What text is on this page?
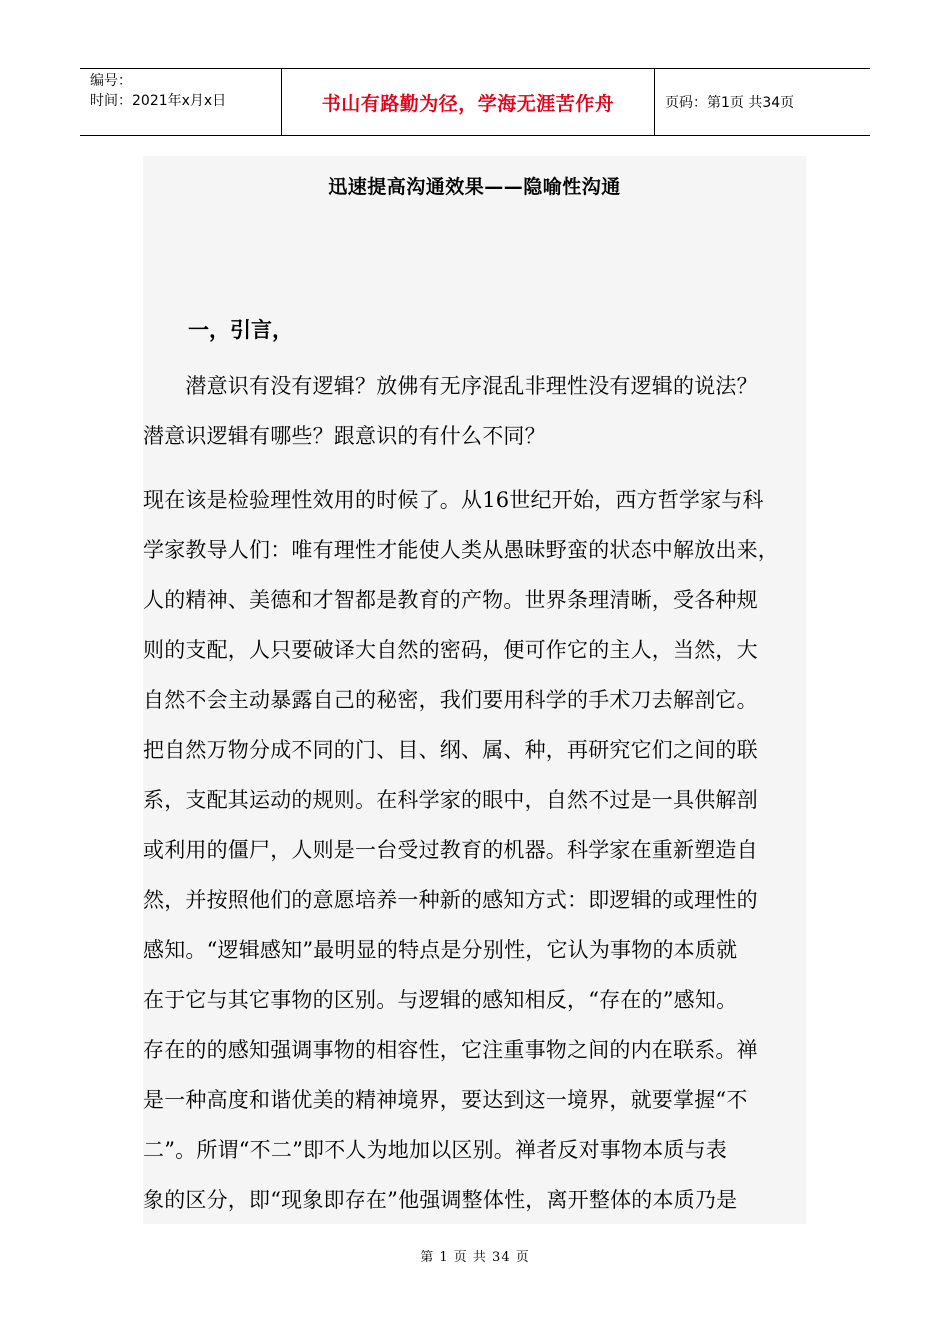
编号：
时间：2021年x月x日	书山有路勤为径，学海无涯苦作舟	页码：第1页 共34页
迅速提高沟通效果——隐喻性沟通
一，引言，
　　潜意识有没有逻辑？放佛有无序混乱非理性没有逻辑的说法？
潜意识逻辑有哪些？跟意识的有什么不同？
现在该是检验理性效用的时候了。从16世纪开始，西方哲学家与科
学家教导人们：唯有理性才能使人类从愚昧野蛮的状态中解放出来，
人的精神、美德和才智都是教育的产物。世界条理清晰，受各种规
则的支配，人只要破译大自然的密码，便可作它的主人，当然，大
自然不会主动暴露自己的秘密，我们要用科学的手术刀去解剖它。
把自然万物分成不同的门、目、纲、属、种，再研究它们之间的联
系，支配其运动的规则。在科学家的眼中，自然不过是一具供解剖
或利用的僵尸，人则是一台受过教育的机器。科学家在重新塑造自
然，并按照他们的意愿培养一种新的感知方式：即逻辑的或理性的
感知。“逻辑感知”最明显的特点是分别性，它认为事物的本质就
在于它与其它事物的区别。与逻辑的感知相反，“存在的”感知。
存在的的感知强调事物的相容性，它注重事物之间的内在联系。禅
是一种高度和谐优美的精神境界，要达到这一境界，就要掌握“不
二”。所谓“不二”即不人为地加以区别。禅者反对事物本质与表
象的区分，即“现象即存在”他强调整体性，离开整体的本质乃是
第 1 页 共 34 页
